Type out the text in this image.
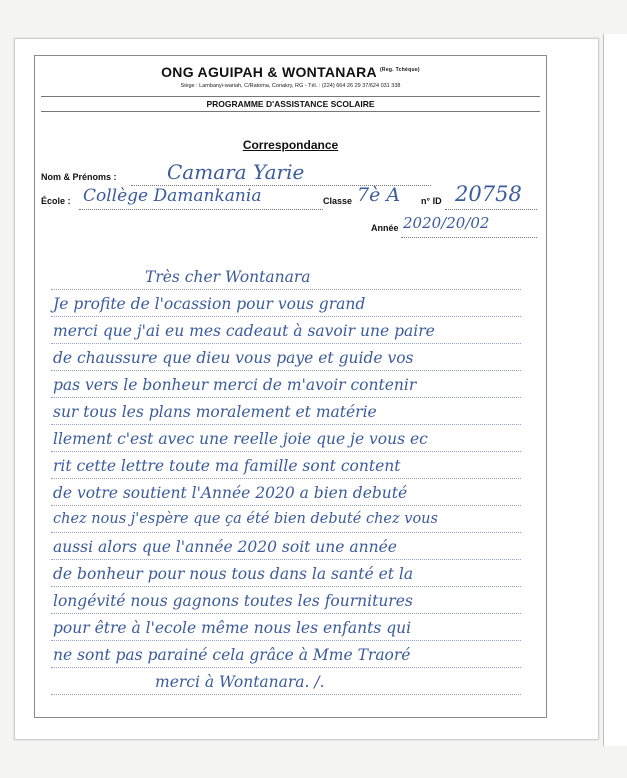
ONG AGUIPAH & WONTANARA $^{(Reg. Tchèque)}$
Siège : Lambanyi-wariah, C/Ratoma, Conakry, RG - Tél. : (224) 664 26 29 37/624 031 338
PROGRAMME D'ASSISTANCE SCOLAIRE
Correspondance
Nom & Prénoms :	Camara Yarie
École : Collège Damankania	Classe 7è A n° ID 20758
Année 2020/20/02
Très cher Wontanara
Je profite de l'ocassion pour vous grand
merci que j'ai eu mes cadeaut à savoir une paire
de chaussure que dieu vous paye et guide vos
pas vers le bonheur merci de m'avoir contenir
sur tous les plans moralement et matérie
llement c'est avec une reelle joie que je vous ec
rit cette lettre toute ma famille sont content
de votre soutient l'Année 2020 a bien debuté
chez nous j'espère que ça été bien debuté chez vous
aussi alors que l'année 2020 soit une année
de bonheur pour nous tous dans la santé et la
longévité nous gagnons toutes les fournitures
pour être à l'ecole même nous les enfants qui
ne sont pas parainé cela grâce à Mme Traoré
merci à Wontanara. /.
